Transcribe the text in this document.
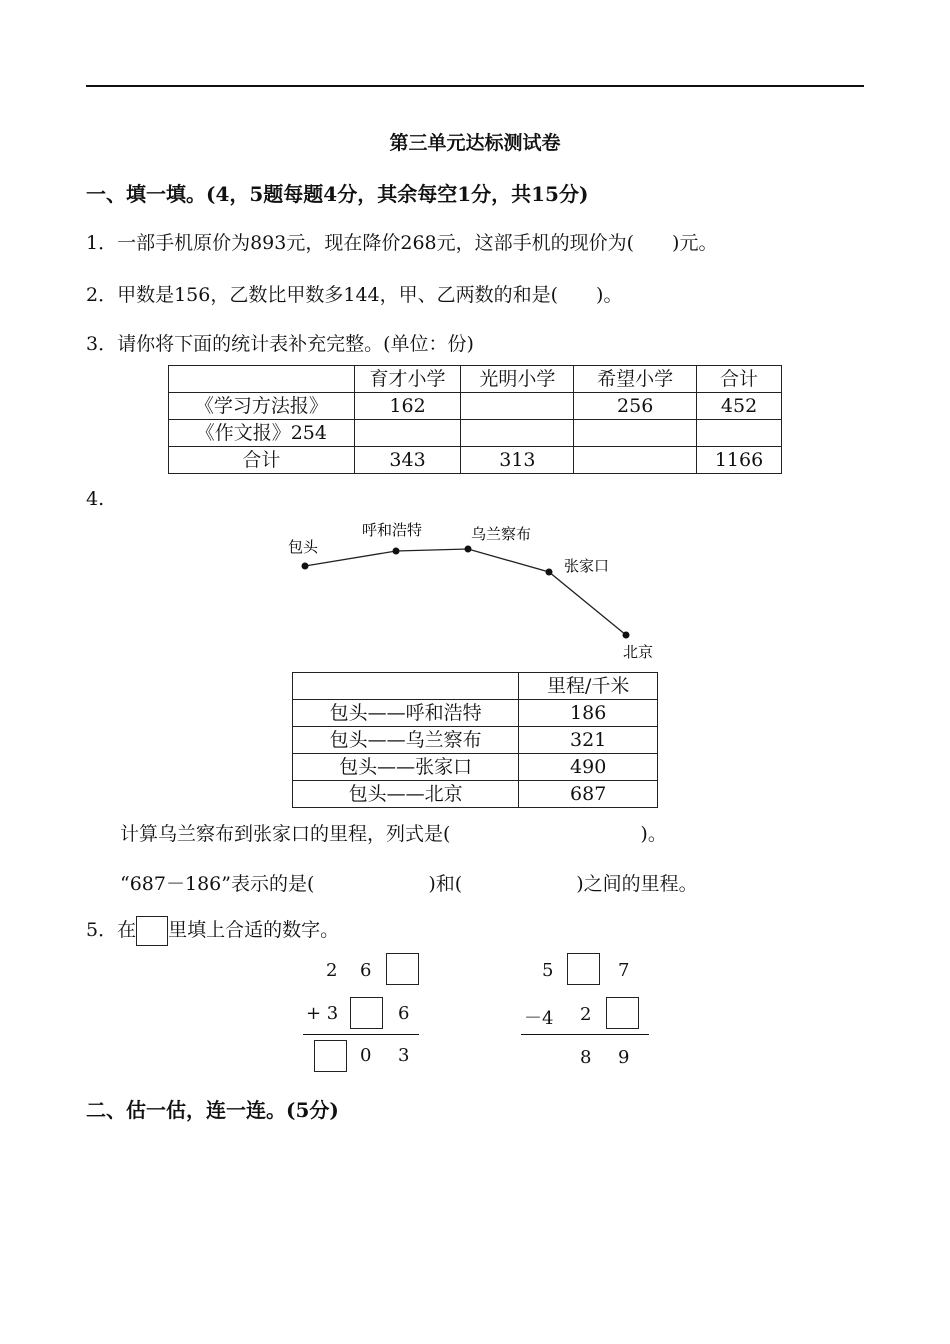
第三单元达标测试卷
一、填一填。(4，5题每题4分，其余每空1分，共15分)
1．一部手机原价为893元，现在降价268元，这部手机的现价为(　　)元。
2．甲数是156，乙数比甲数多144，甲、乙两数的和是(　　)。
3．请你将下面的统计表补充完整。(单位：份)
	育才小学	光明小学	希望小学	合计
《学习方法报》	162		256	452
《作文报》254				
合计	343	313		1166
4.
包头
呼和浩特	乌兰察布
张家口
北京
	里程/千米
包头——呼和浩特	186
包头——乌兰察布	321
包头——张家口	490
包头——北京	687
计算乌兰察布到张家口的里程，列式是(　　　　　　　　　　)。
“687－186”表示的是(　　　　　　)和(　　　　　　)之间的里程。
5．在 里填上合适的数字。
2 6
+ 3	6
0 3
5	7
－4 2
8 9
二、估一估，连一连。(5分)
